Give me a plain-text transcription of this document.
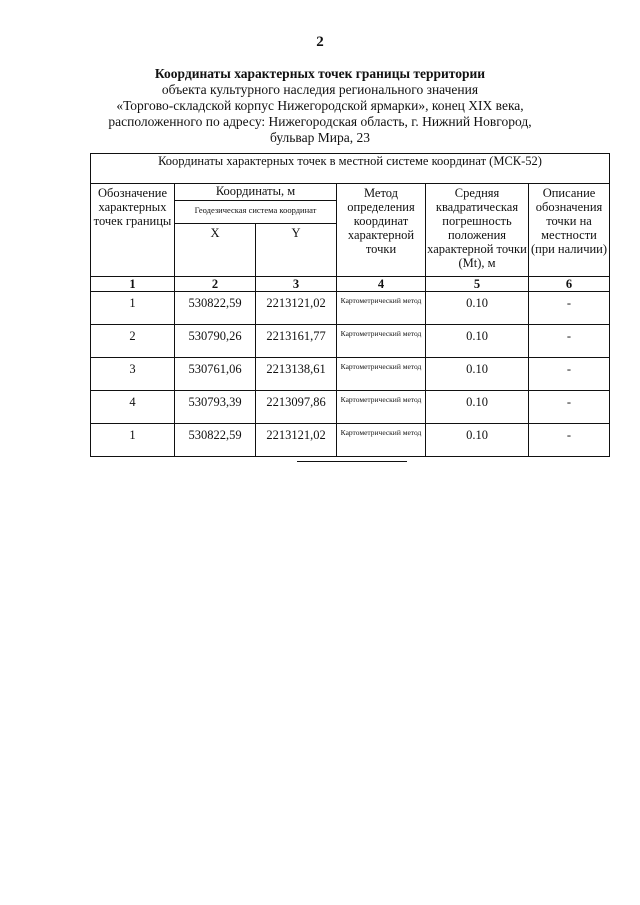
2
Координаты характерных точек границы территории
объекта культурного наследия регионального значения
«Торгово-складской корпус Нижегородской ярмарки», конец XIX века,
расположенного по адресу: Нижегородская область, г. Нижний Новгород,
бульвар Мира, 23
Координаты характерных точек в местной системе координат (МСК-52)					
Обозначение характерных точек границы	Координаты, м		Метод определения координат характерной точки	Средняя квадратическая погрешность положения характерной точки (Mt), м	Описание обозначения точки на местности (при наличии)
	Геодезическая система координат				
	X	Y			
1	2	3	4	5	6
1	530822,59	2213121,02	Картометрический метод	0.10	-
2	530790,26	2213161,77	Картометрический метод	0.10	-
3	530761,06	2213138,61	Картометрический метод	0.10	-
4	530793,39	2213097,86	Картометрический метод	0.10	-
1	530822,59	2213121,02	Картометрический метод	0.10	-
